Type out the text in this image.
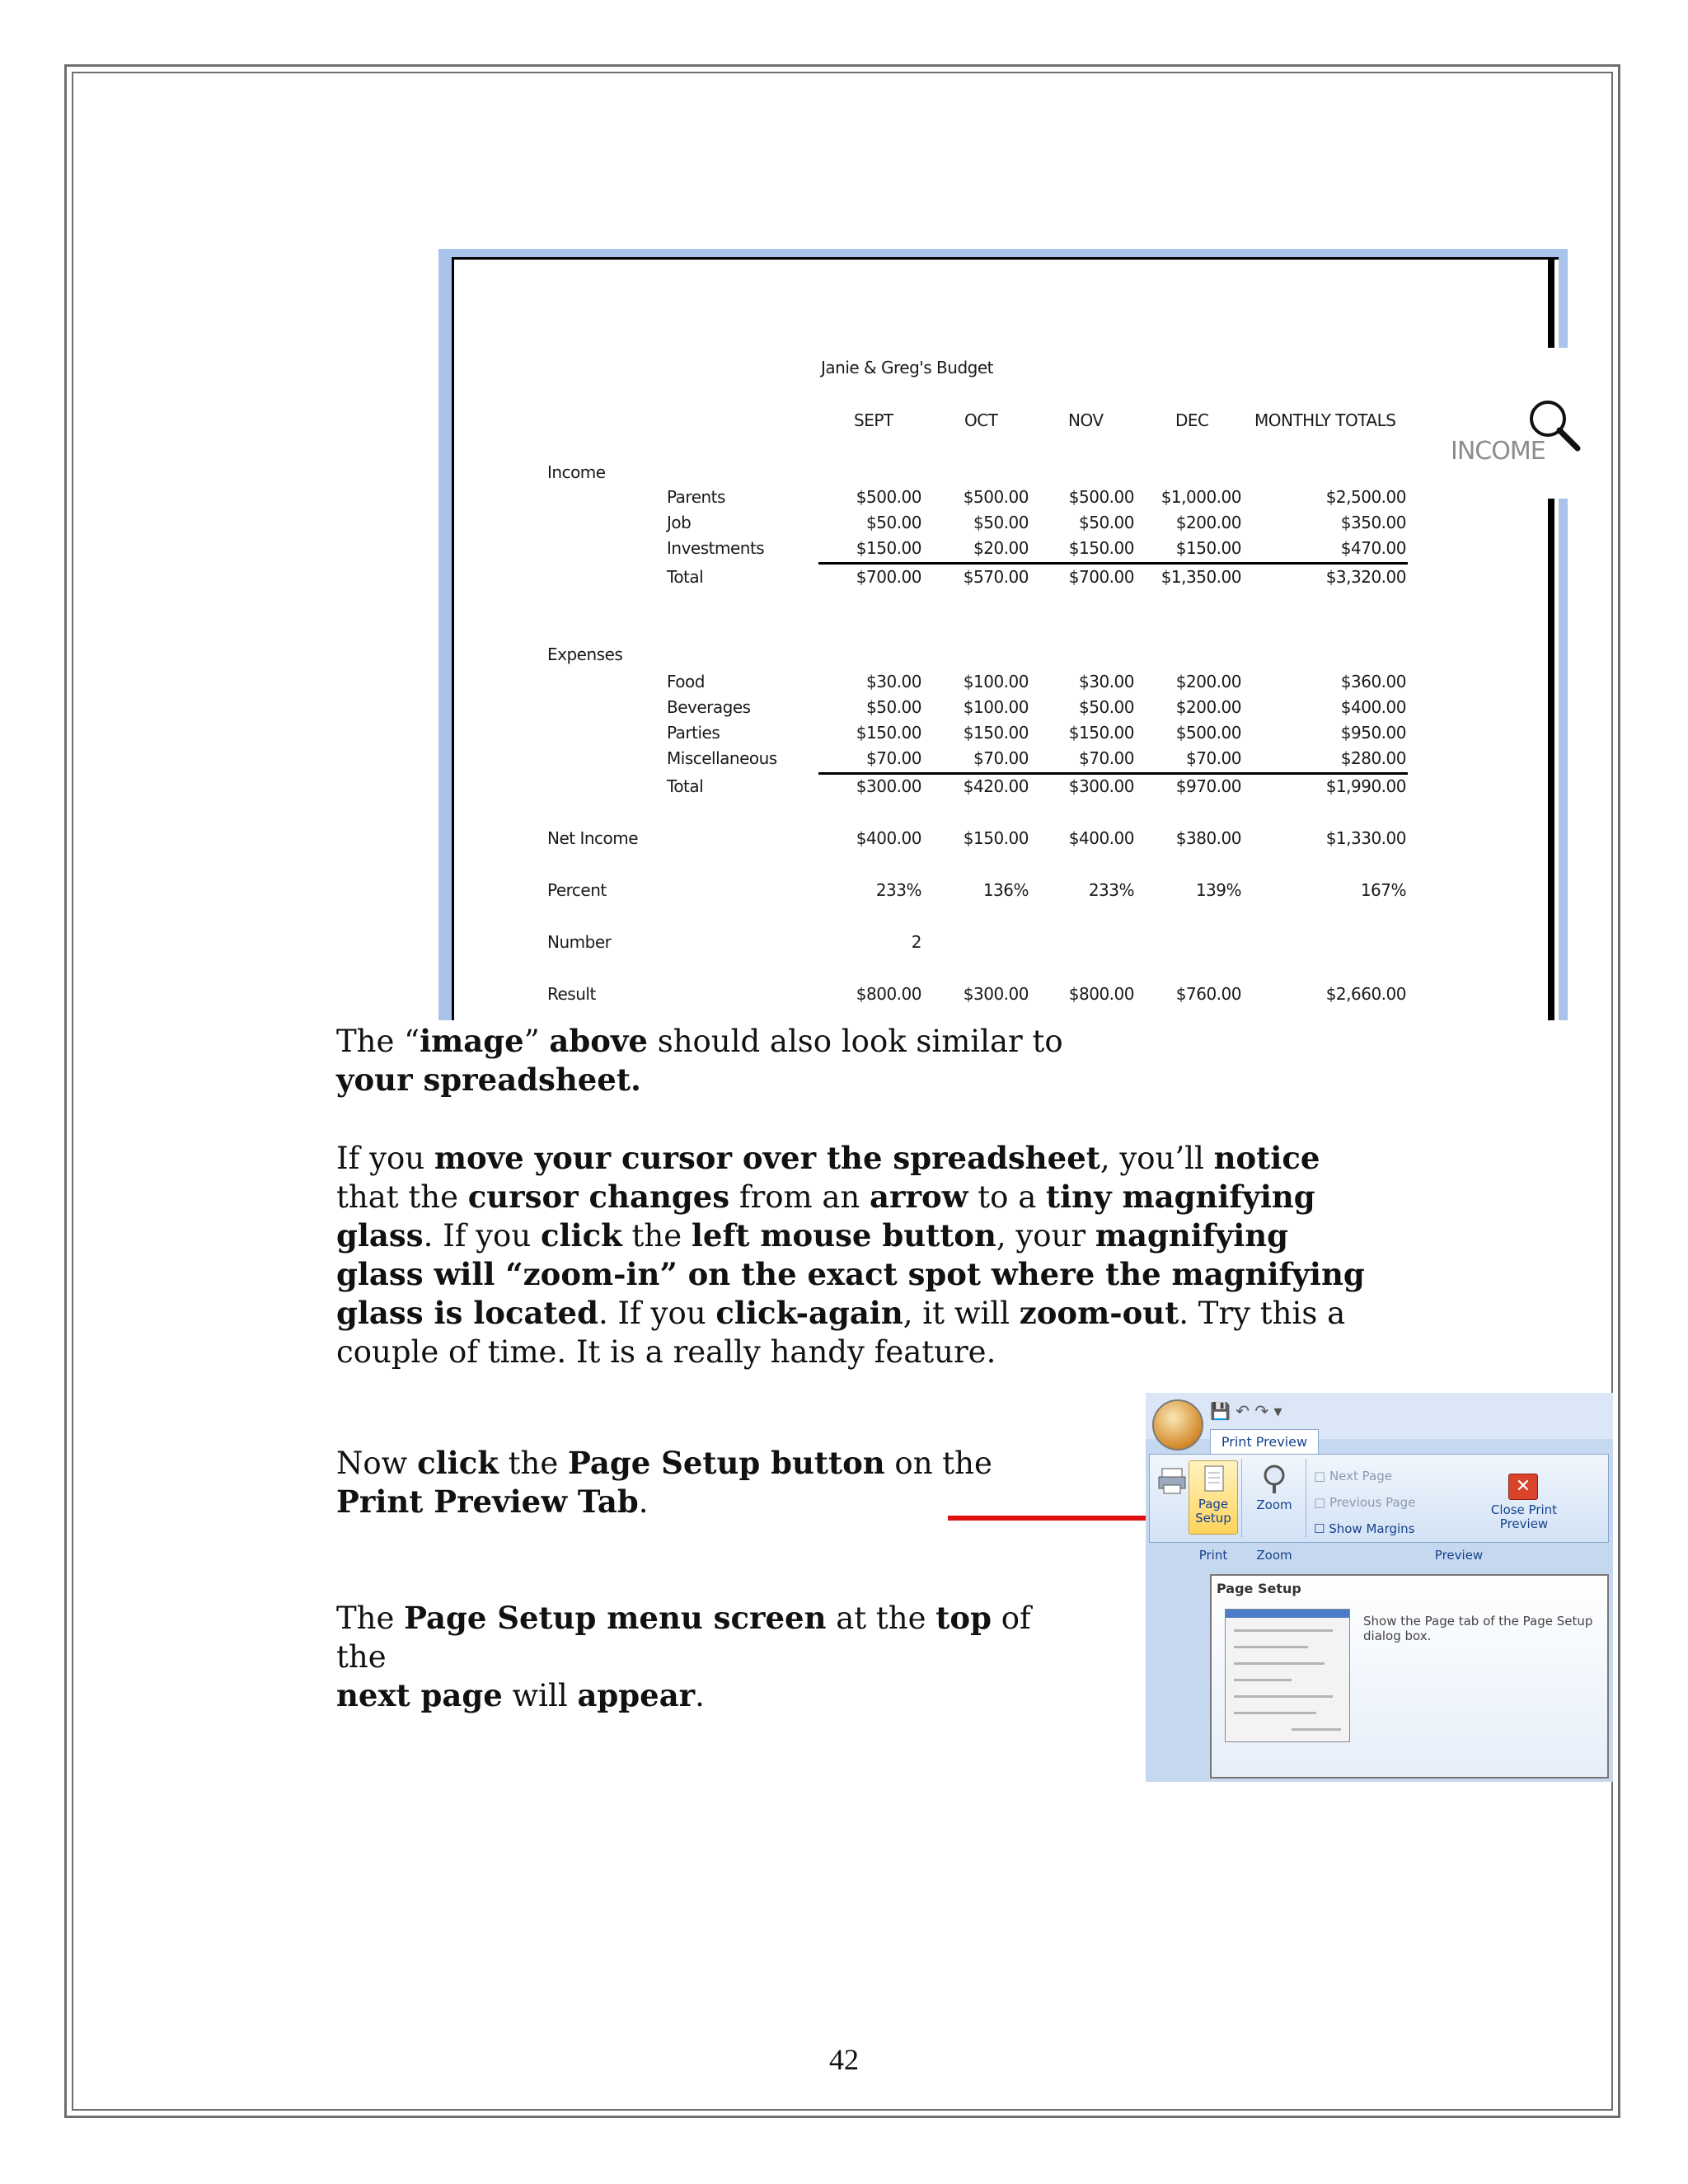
INCOME
Janie & Greg's Budget
SEPT	OCT	NOV	DEC	MONTHLY TOTALS
Income
Parents	$500.00	$500.00	$500.00	$1,000.00	$2,500.00
Job	$50.00	$50.00	$50.00	$200.00	$350.00
Investments	$150.00	$20.00	$150.00	$150.00	$470.00
Total	$700.00	$570.00	$700.00	$1,350.00	$3,320.00
Expenses
Food	$30.00	$100.00	$30.00	$200.00	$360.00
Beverages	$50.00	$100.00	$50.00	$200.00	$400.00
Parties	$150.00	$150.00	$150.00	$500.00	$950.00
Miscellaneous	$70.00	$70.00	$70.00	$70.00	$280.00
Total	$300.00	$420.00	$300.00	$970.00	$1,990.00
Net Income	$400.00	$150.00	$400.00	$380.00	$1,330.00
Percent	233%	136%	233%	139%	167%
Number	2
Result	$800.00	$300.00	$800.00	$760.00	$2,660.00

The “image” above should also look similar to
your spreadsheet.

If you move your cursor over the spreadsheet, you’ll notice
that the cursor changes from an arrow to a tiny magnifying glass. If you click the left mouse button, your magnifying glass will “zoom-in” on the exact spot where the magnifying glass is located. If you click-again, it will zoom-out. Try this a couple of time. It is a really handy feature.

Now click the Page Setup button on the
Print Preview Tab.

The Page Setup menu screen at the top of the
next page will appear.

💾 ↶ ↷ ▾
Print Preview
Page Setup
Zoom
□ Next Page
□ Previous Page
☐ Show Margins
✕
Close Print Preview
Print	Zoom	Preview
Page Setup
Show the Page tab of the Page Setup dialog box.
42
